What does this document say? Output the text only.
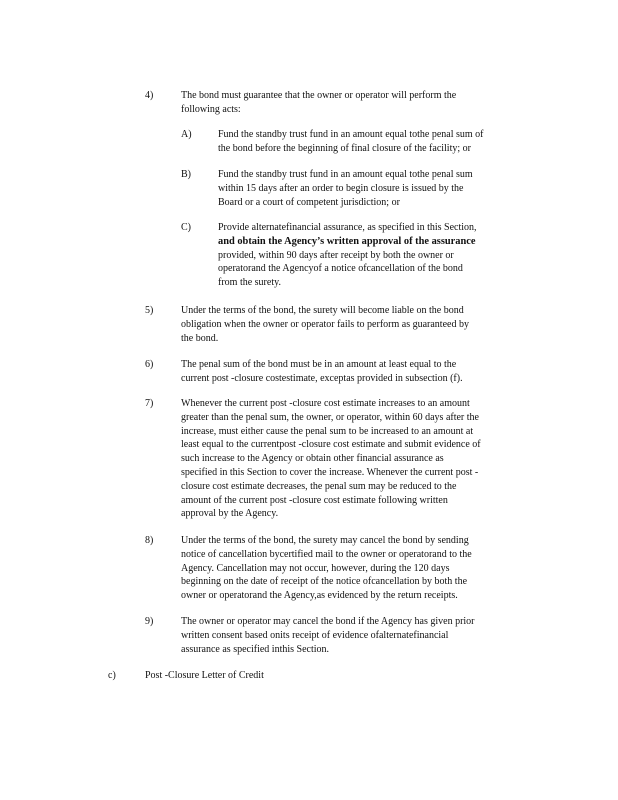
4)	The bond must guarantee that the owner or operator will perform the
following acts:
A)	Fund the standby trust fund in an amount equal tothe penal sum of
the bond before the beginning of final closure of the facility; or
B)	Fund the standby trust fund in an amount equal tothe penal sum
within 15 days after an order to begin closure is issued by the
Board or a court of competent jurisdiction; or
C)	Provide alternatefinancial assurance, as specified in this Section,
and obtain the Agency’s written approval of the assurance
provided, within 90 days after receipt by both the owner or
operatorand the Agencyof a notice ofcancellation of the bond
from the surety.
5)	Under the terms of the bond, the surety will become liable on the bond
obligation when the owner or operator fails to perform as guaranteed by
the bond.
6)	The penal sum of the bond must be in an amount at least equal to the
current post -closure costestimate, exceptas provided in subsection (f).
7)	Whenever the current post -closure cost estimate increases to an amount
greater than the penal sum, the owner, or operator, within 60 days after the
increase, must either cause the penal sum to be increased to an amount at
least equal to the currentpost -closure cost estimate and submit evidence of
such increase to the Agency or obtain other financial assurance as
specified in this Section to cover the increase. Whenever the current post -
closure cost estimate decreases, the penal sum may be reduced to the
amount of the current post -closure cost estimate following written
approval by the Agency.
8)	Under the terms of the bond, the surety may cancel the bond by sending
notice of cancellation bycertified mail to the owner or operatorand to the
Agency. Cancellation may not occur, however, during the 120 days
beginning on the date of receipt of the notice ofcancellation by both the
owner or operatorand the Agency,as evidenced by the return receipts.
9)	The owner or operator may cancel the bond if the Agency has given prior
written consent based onits receipt of evidence ofalternatefinancial
assurance as specified inthis Section.
c)	Post -Closure Letter of Credit
